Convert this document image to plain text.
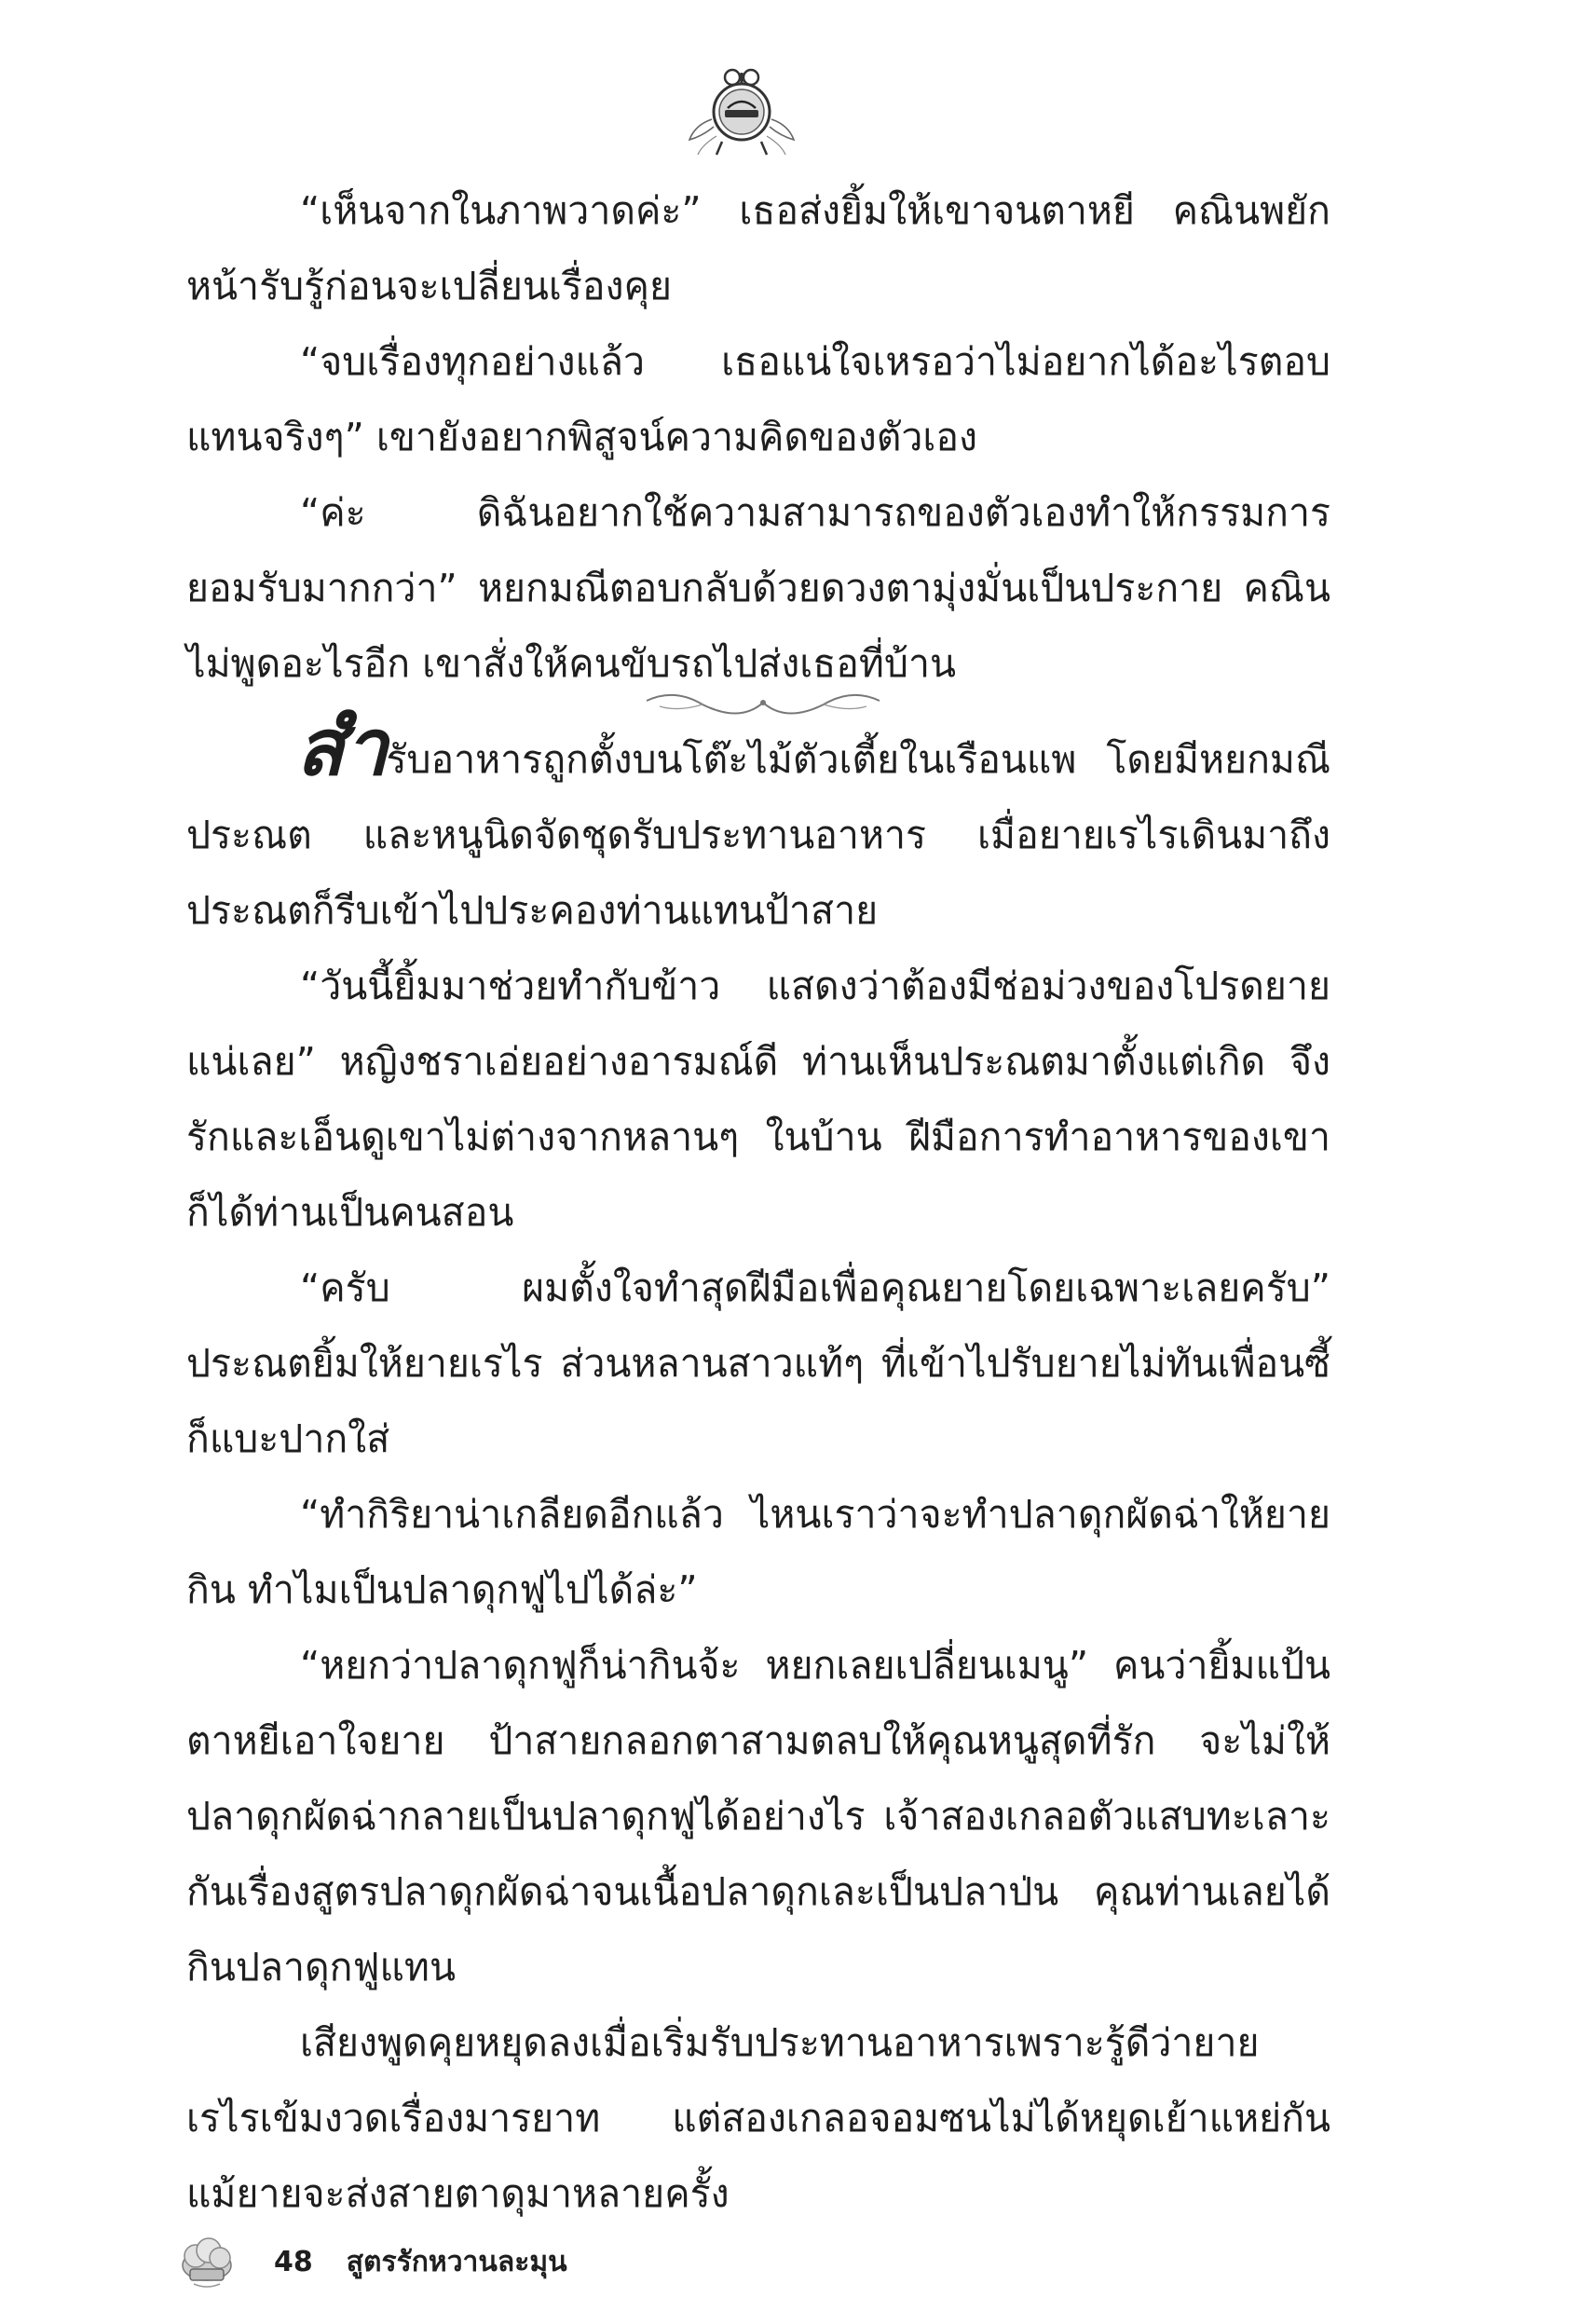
“เห็นจากในภาพวาดค่ะ” เธอส่งยิ้มให้เขาจนตาหยี คณินพยักหน้ารับรู้ก่อนจะเปลี่ยนเรื่องคุย

“จบเรื่องทุกอย่างแล้ว เธอแน่ใจเหรอว่าไม่อยากได้อะไรตอบแทนจริงๆ” เขายังอยากพิสูจน์ความคิดของตัวเอง

“ค่ะ ดิฉันอยากใช้ความสามารถของตัวเองทำให้กรรมการยอมรับมากกว่า” หยกมณีตอบกลับด้วยดวงตามุ่งมั่นเป็นประกาย คณินไม่พูดอะไรอีก เขาสั่งให้คนขับรถไปส่งเธอที่บ้าน

สำรับอาหารถูกตั้งบนโต๊ะไม้ตัวเตี้ยในเรือนแพ โดยมีหยกมณี ประณต และหนูนิดจัดชุดรับประทานอาหาร เมื่อยายเรไรเดินมาถึง ประณตก็รีบเข้าไปประคองท่านแทนป้าสาย

“วันนี้ยิ้มมาช่วยทำกับข้าว แสดงว่าต้องมีช่อม่วงของโปรดยายแน่เลย” หญิงชราเอ่ยอย่างอารมณ์ดี ท่านเห็นประณตมาตั้งแต่เกิด จึงรักและเอ็นดูเขาไม่ต่างจากหลานๆ ในบ้าน ฝีมือการทำอาหารของเขาก็ได้ท่านเป็นคนสอน

“ครับ ผมตั้งใจทำสุดฝีมือเพื่อคุณยายโดยเฉพาะเลยครับ” ประณตยิ้มให้ยายเรไร ส่วนหลานสาวแท้ๆ ที่เข้าไปรับยายไม่ทันเพื่อนซี้ก็แบะปากใส่

“ทำกิริยาน่าเกลียดอีกแล้ว ไหนเราว่าจะทำปลาดุกผัดฉ่าให้ยายกิน ทำไมเป็นปลาดุกฟูไปได้ล่ะ”

“หยกว่าปลาดุกฟูก็น่ากินจ้ะ หยกเลยเปลี่ยนเมนู” คนว่ายิ้มแป้นตาหยีเอาใจยาย ป้าสายกลอกตาสามตลบให้คุณหนูสุดที่รัก จะไม่ให้ปลาดุกผัดฉ่ากลายเป็นปลาดุกฟูได้อย่างไร เจ้าสองเกลอตัวแสบทะเลาะกันเรื่องสูตรปลาดุกผัดฉ่าจนเนื้อปลาดุกเละเป็นปลาป่น คุณท่านเลยได้กินปลาดุกฟูแทน

เสียงพูดคุยหยุดลงเมื่อเริ่มรับประทานอาหารเพราะรู้ดีว่ายายเรไรเข้มงวดเรื่องมารยาท แต่สองเกลอจอมซนไม่ได้หยุดเย้าแหย่กัน แม้ยายจะส่งสายตาดุมาหลายครั้ง

48 สูตรรักหวานละมุน
